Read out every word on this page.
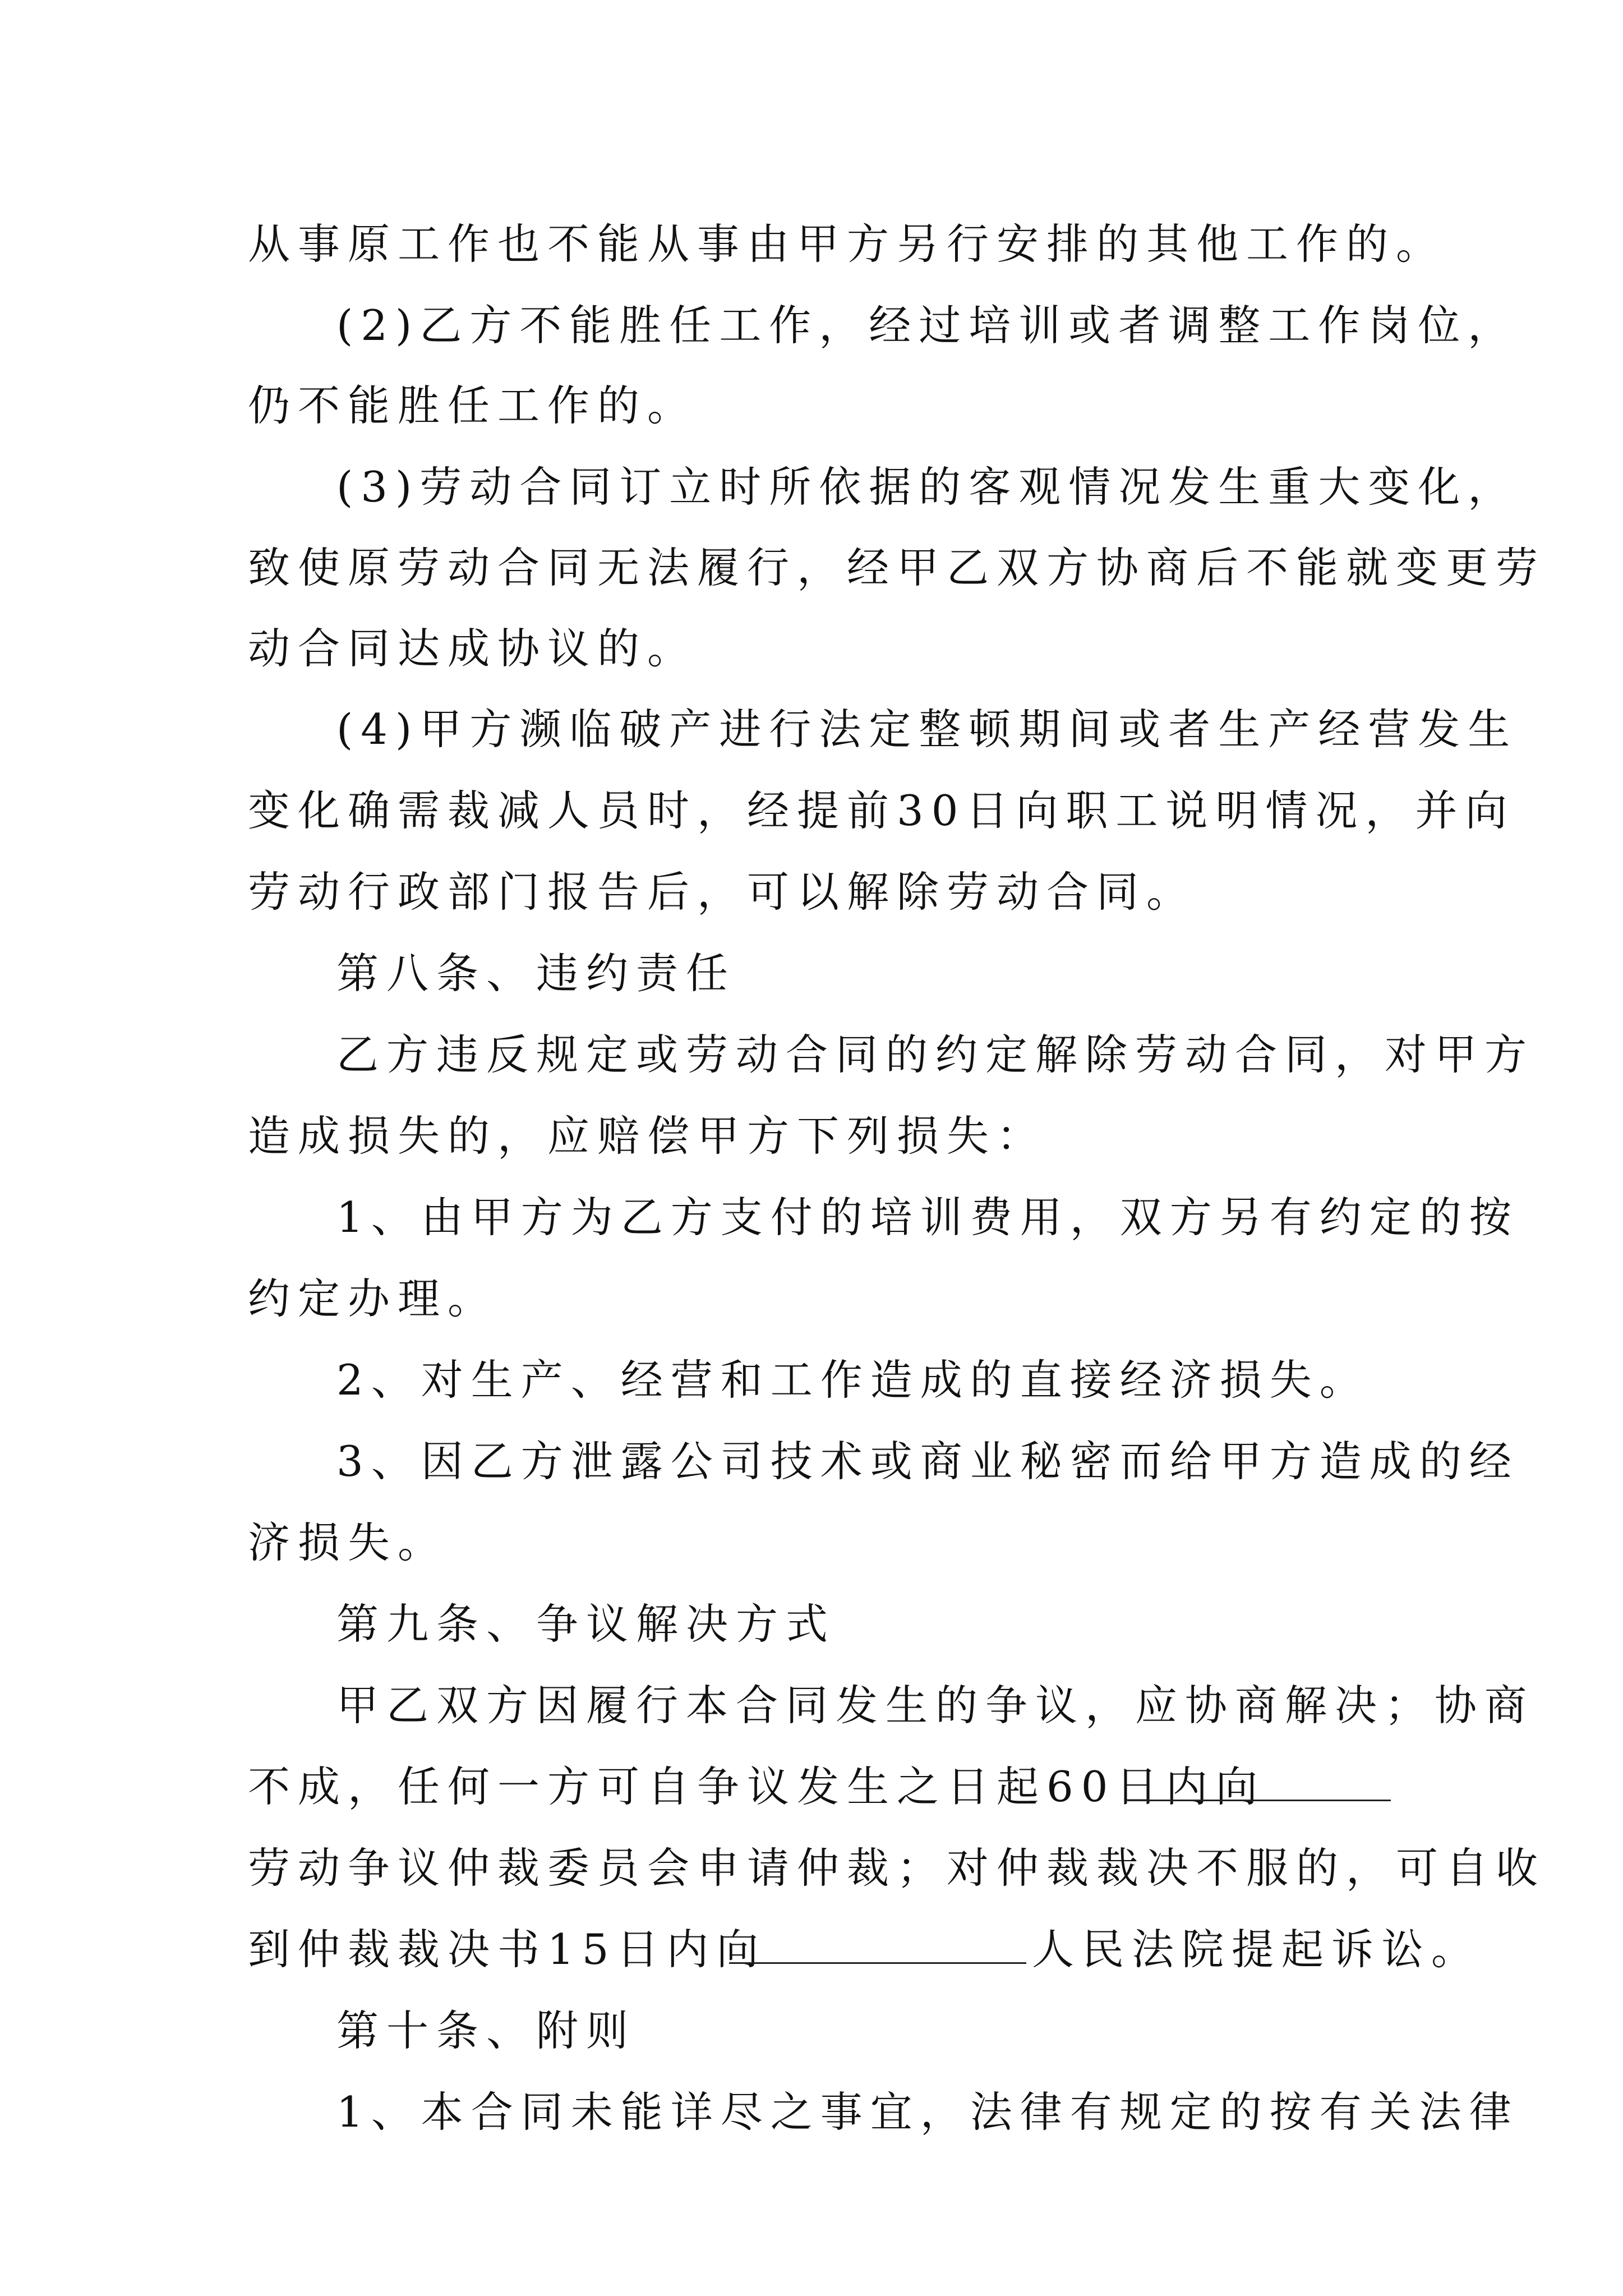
从事原工作也不能从事由甲方另行安排的其他工作的。
(2)乙方不能胜任工作，经过培训或者调整工作岗位，
仍不能胜任工作的。
(3)劳动合同订立时所依据的客观情况发生重大变化，
致使原劳动合同无法履行，经甲乙双方协商后不能就变更劳
动合同达成协议的。
(4)甲方濒临破产进行法定整顿期间或者生产经营发生
变化确需裁减人员时，经提前30日向职工说明情况，并向
劳动行政部门报告后，可以解除劳动合同。
第八条、违约责任
乙方违反规定或劳动合同的约定解除劳动合同，对甲方
造成损失的，应赔偿甲方下列损失：
1、由甲方为乙方支付的培训费用，双方另有约定的按
约定办理。
2、对生产、经营和工作造成的直接经济损失。
3、因乙方泄露公司技术或商业秘密而给甲方造成的经
济损失。
第九条、争议解决方式
甲乙双方因履行本合同发生的争议，应协商解决；协商
不成，任何一方可自争议发生之日起60日内向
劳动争议仲裁委员会申请仲裁；对仲裁裁决不服的，可自收
到仲裁裁决书15日内向	人民法院提起诉讼。
第十条、附则
1、本合同未能详尽之事宜，法律有规定的按有关法律
